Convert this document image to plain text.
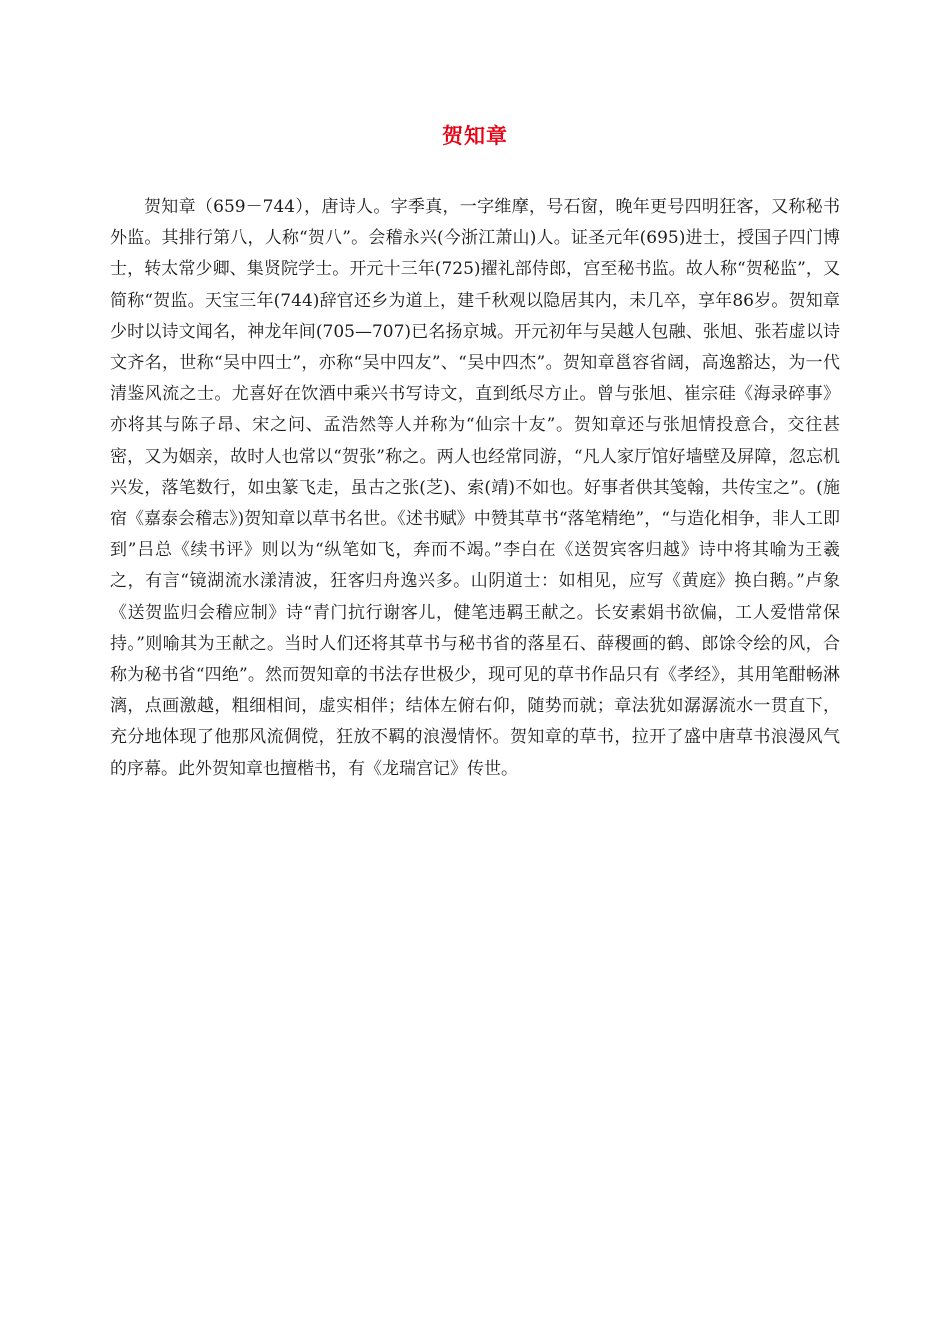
贺知章

贺知章（659－744），唐诗人。字季真，一字维摩，号石窗，晚年更号四明狂客，又称秘书外监。其排行第八，人称“贺八”。会稽永兴(今浙江萧山)人。证圣元年(695)进士，授国子四门博士，转太常少卿、集贤院学士。开元十三年(725)擢礼部侍郎，宫至秘书监。故人称“贺秘监”，又简称“贺监。天宝三年(744)辞官还乡为道上，建千秋观以隐居其内，未几卒，享年86岁。贺知章少时以诗文闻名，神龙年间(705—707)已名扬京城。开元初年与吴越人包融、张旭、张若虚以诗文齐名，世称“吴中四士”，亦称“吴中四友”、“吴中四杰”。贺知章邕容省阔，高逸豁达，为一代清鉴风流之士。尤喜好在饮酒中乘兴书写诗文，直到纸尽方止。曾与张旭、崔宗硅《海录碎事》亦将其与陈子昂、宋之问、孟浩然等人并称为“仙宗十友”。贺知章还与张旭情投意合，交往甚密，又为姻亲，故时人也常以“贺张”称之。两人也经常同游，“凡人家厅馆好墙壁及屏障，忽忘机兴发，落笔数行，如虫篆飞走，虽古之张(芝)、索(靖)不如也。好事者供其笺翰，共传宝之”。(施宿《嘉泰会稽志》)贺知章以草书名世。《述书赋》中赞其草书“落笔精绝”，“与造化相争，非人工即到”吕总《续书评》则以为“纵笔如飞，奔而不竭。”李白在《送贺宾客归越》诗中将其喻为王羲之，有言“镜湖流水漾清波，狂客归舟逸兴多。山阴道士：如相见，应写《黄庭》换白鹅。”卢象《送贺监归会稽应制》诗“青门抗行谢客儿，健笔违羁王献之。长安素娟书欲偏，工人爱惜常保持。”则喻其为王献之。当时人们还将其草书与秘书省的落星石、薛稷画的鹤、郎馀令绘的风，合称为秘书省“四绝”。然而贺知章的书法存世极少，现可见的草书作品只有《孝经》，其用笔酣畅淋漓，点画激越，粗细相间，虚实相伴；结体左俯右仰，随势而就；章法犹如潺潺流水一贯直下，充分地体现了他那风流倜傥，狂放不羁的浪漫情怀。贺知章的草书，拉开了盛中唐草书浪漫风气的序幕。此外贺知章也擅楷书，有《龙瑞宫记》传世。
